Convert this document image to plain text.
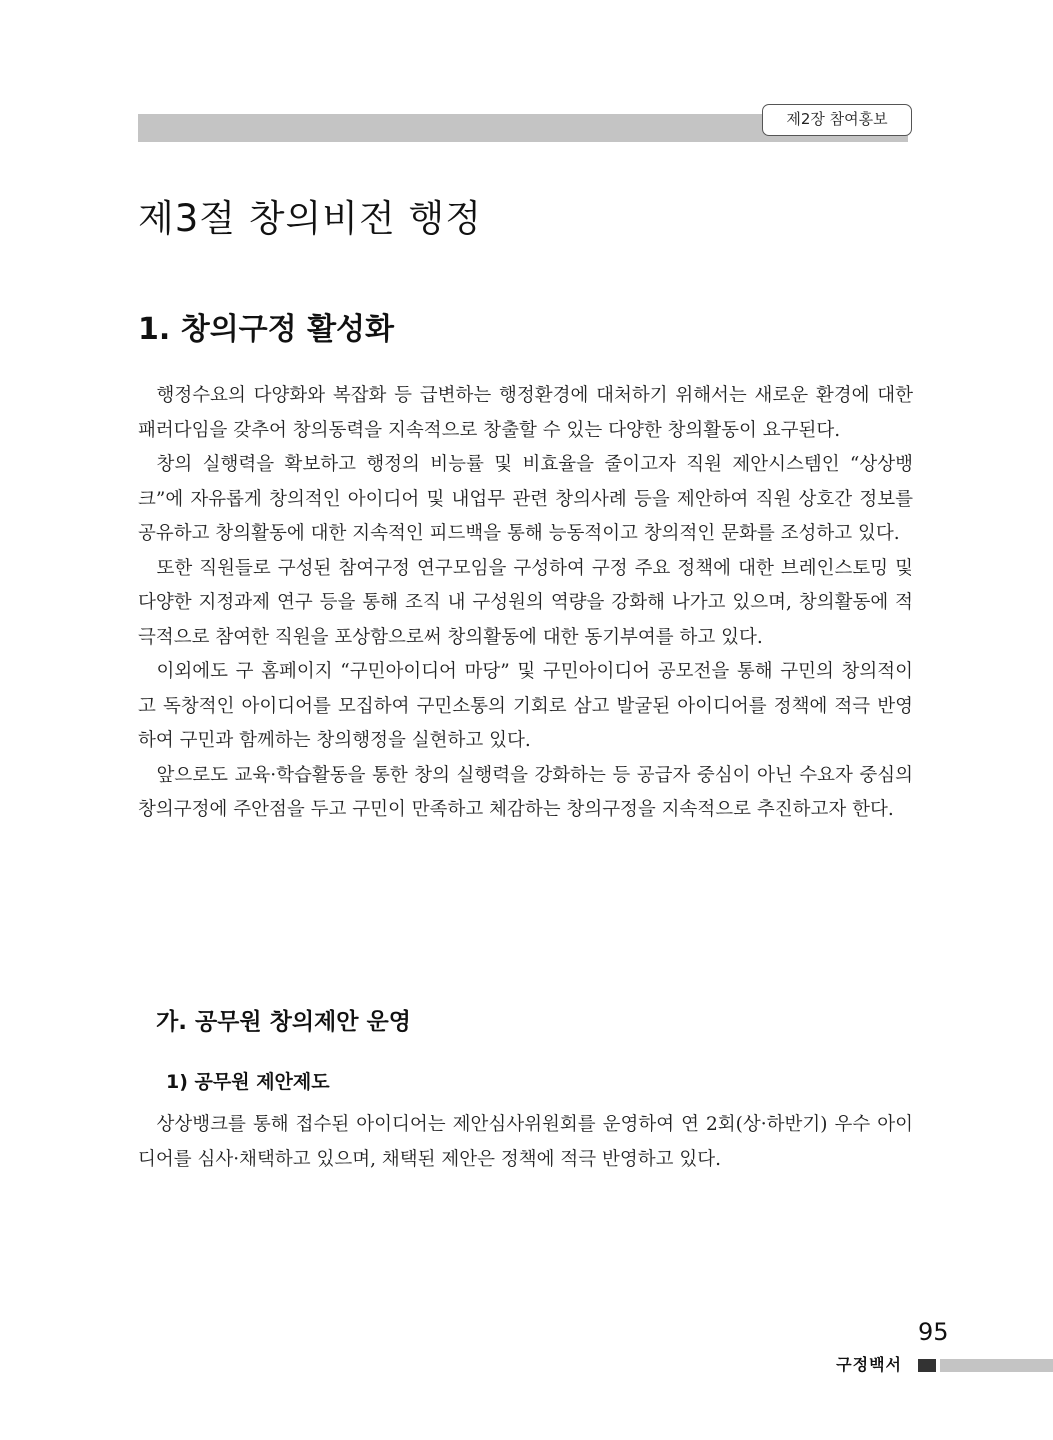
제2장 참여홍보
제3절 창의비전 행정
1. 창의구정 활성화

행정수요의 다양화와 복잡화 등 급변하는 행정환경에 대처하기 위해서는 새로운 환경에 대한 패러다임을 갖추어 창의동력을 지속적으로 창출할 수 있는 다양한 창의활동이 요구된다.

창의 실행력을 확보하고 행정의 비능률 및 비효율을 줄이고자 직원 제안시스템인 “상상뱅크”에 자유롭게 창의적인 아이디어 및 내업무 관련 창의사례 등을 제안하여 직원 상호간 정보를 공유하고 창의활동에 대한 지속적인 피드백을 통해 능동적이고 창의적인 문화를 조성하고 있다.

또한 직원들로 구성된 참여구정 연구모임을 구성하여 구정 주요 정책에 대한 브레인스토밍 및 다양한 지정과제 연구 등을 통해 조직 내 구성원의 역량을 강화해 나가고 있으며, 창의활동에 적극적으로 참여한 직원을 포상함으로써 창의활동에 대한 동기부여를 하고 있다.

이외에도 구 홈페이지 “구민아이디어 마당” 및 구민아이디어 공모전을 통해 구민의 창의적이고 독창적인 아이디어를 모집하여 구민소통의 기회로 삼고 발굴된 아이디어를 정책에 적극 반영하여 구민과 함께하는 창의행정을 실현하고 있다.

앞으로도 교육·학습활동을 통한 창의 실행력을 강화하는 등 공급자 중심이 아닌 수요자 중심의 창의구정에 주안점을 두고 구민이 만족하고 체감하는 창의구정을 지속적으로 추진하고자 한다.

가. 공무원 창의제안 운영
1) 공무원 제안제도

상상뱅크를 통해 접수된 아이디어는 제안심사위원회를 운영하여 연 2회(상·하반기) 우수 아이디어를 심사·채택하고 있으며, 채택된 제안은 정책에 적극 반영하고 있다.

95
구정백서
